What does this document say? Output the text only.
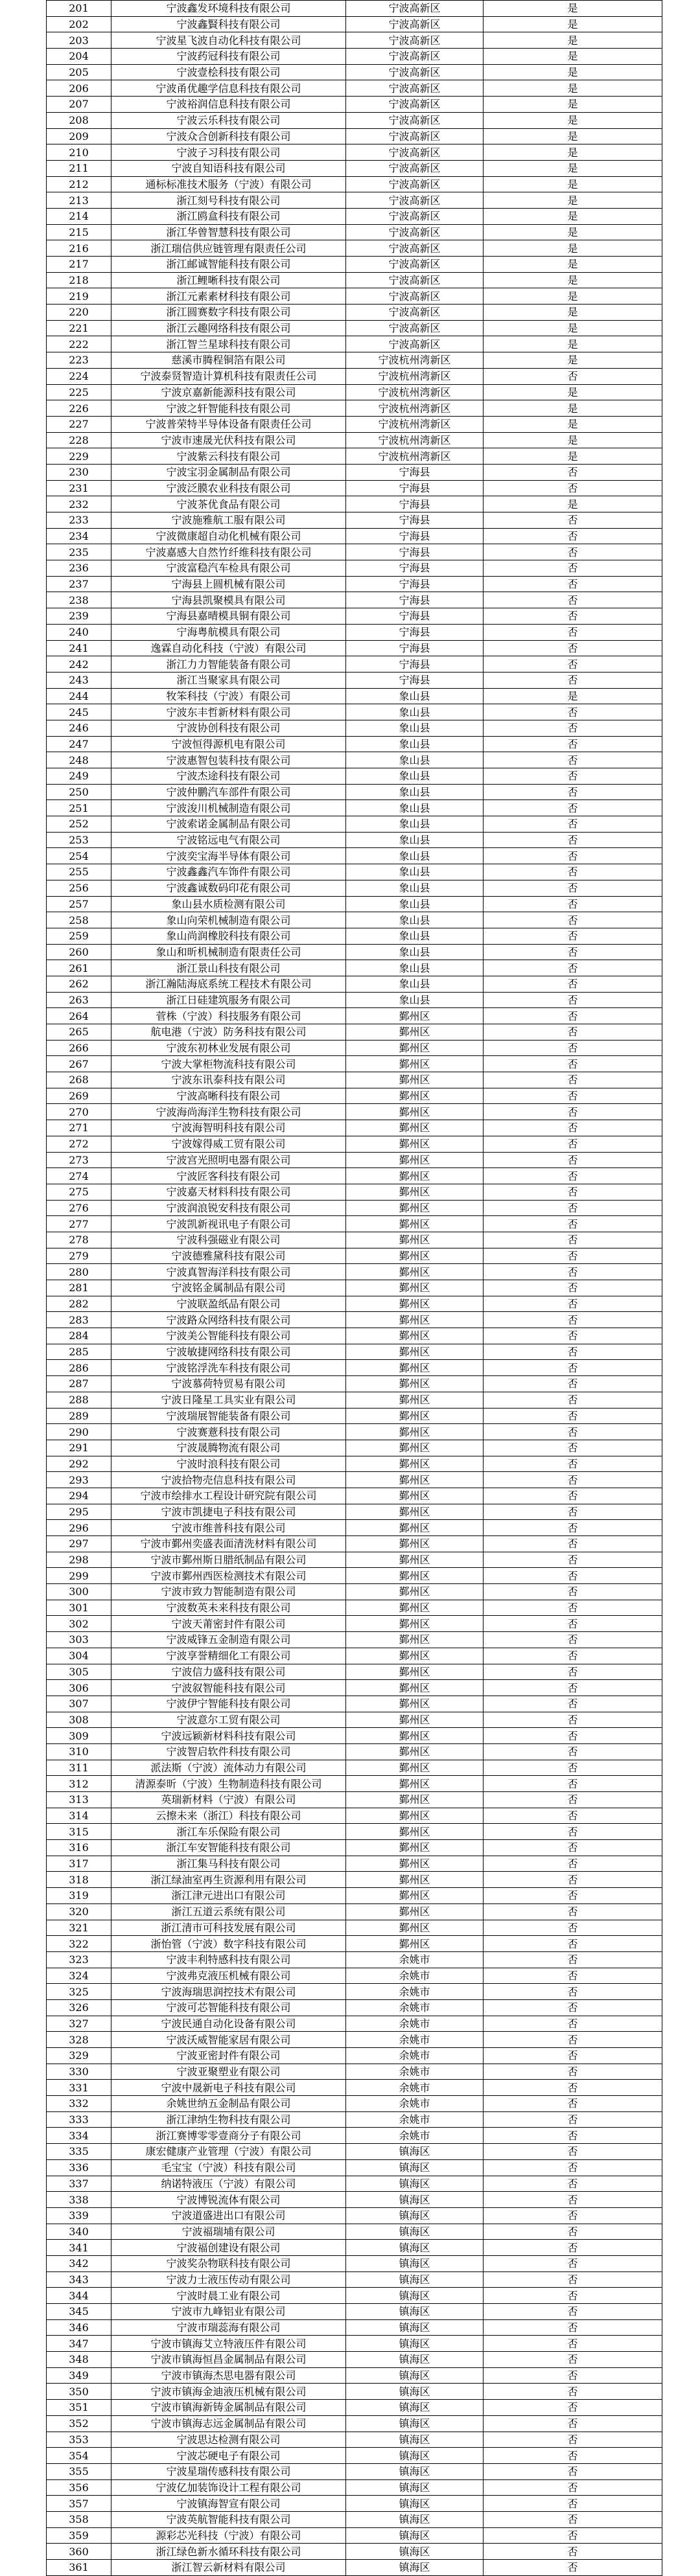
201	宁波鑫发环境科技有限公司	宁波高新区	是
202	宁波鑫賢科技有限公司	宁波高新区	是
203	宁波星飞波自动化科技有限公司	宁波高新区	是
204	宁波药冠科技有限公司	宁波高新区	是
205	宁波壹桧科技有限公司	宁波高新区	是
206	宁波甬优趣学信息科技有限公司	宁波高新区	是
207	宁波裕润信息科技有限公司	宁波高新区	是
208	宁波云乐科技有限公司	宁波高新区	是
209	宁波众合创新科技有限公司	宁波高新区	是
210	宁波子习科技有限公司	宁波高新区	是
211	宁波自知语科技有限公司	宁波高新区	是
212	通标标准技术服务（宁波）有限公司	宁波高新区	是
213	浙江刻号科技有限公司	宁波高新区	是
214	浙江鸥盒科技有限公司	宁波高新区	是
215	浙江华曾智慧科技有限公司	宁波高新区	是
216	浙江瑞信供应链管理有限责任公司	宁波高新区	是
217	浙江邮诚智能科技有限公司	宁波高新区	是
218	浙江鲤晰科技有限公司	宁波高新区	是
219	浙江元素素材科技有限公司	宁波高新区	是
220	浙江圆赛数字科技有限公司	宁波高新区	是
221	浙江云趣网络科技有限公司	宁波高新区	是
222	浙江智兰星球科技有限公司	宁波高新区	是
223	慈溪市腾程铜箔有限公司	宁波杭州湾新区	是
224	宁波泰贤智造计算机科技有限责任公司	宁波杭州湾新区	否
225	宁波京嘉新能源科技有限公司	宁波杭州湾新区	是
226	宁波之轩智能科技有限公司	宁波杭州湾新区	是
227	宁波普荣特半导体设备有限责任公司	宁波杭州湾新区	是
228	宁波市速晟光伏科技有限公司	宁波杭州湾新区	是
229	宁波紫云科技有限公司	宁波杭州湾新区	是
230	宁波宝羽金属制品有限公司	宁海县	否
231	宁波泛膜农业科技有限公司	宁海县	否
232	宁波茶优食品有限公司	宁海县	是
233	宁波施雅航工服有限公司	宁海县	否
234	宁波微康超自动化机械有限公司	宁海县	否
235	宁波嘉感大自然竹纤维科技有限公司	宁海县	否
236	宁波富稳汽车检具有限公司	宁海县	否
237	宁海县上圆机械有限公司	宁海县	否
238	宁海县凯聚模具有限公司	宁海县	否
239	宁海县嘉晴模具铜有限公司	宁海县	否
240	宁海粤航模具有限公司	宁海县	否
241	逸霖自动化科技（宁波）有限公司	宁海县	否
242	浙江力力智能装备有限公司	宁海县	否
243	浙江当聚家具有限公司	宁海县	否
244	牧笨科技（宁波）有限公司	象山县	是
245	宁波东丰哲新材料有限公司	象山县	否
246	宁波协创科技有限公司	象山县	否
247	宁波恒得源机电有限公司	象山县	否
248	宁波惠智包装科技有限公司	象山县	否
249	宁波杰途科技有限公司	象山县	否
250	宁波仲鹏汽车部件有限公司	象山县	否
251	宁波浚川机械制造有限公司	象山县	否
252	宁波索诺金属制品有限公司	象山县	否
253	宁波铭远电气有限公司	象山县	否
254	宁波奕宝海半导体有限公司	象山县	否
255	宁波鑫鑫汽车饰件有限公司	象山县	否
256	宁波鑫诚数码印花有限公司	象山县	否
257	象山县水质检测有限公司	象山县	否
258	象山向荣机械制造有限公司	象山县	否
259	象山尚润橡胶科技有限公司	象山县	否
260	象山和昕机械制造有限责任公司	象山县	否
261	浙江景山科技有限公司	象山县	否
262	浙江瀚陆海底系统工程技术有限公司	象山县	否
263	浙江日硅建筑服务有限公司	象山县	否
264	菅株（宁波）科技服务有限公司	鄞州区	否
265	航电港（宁波）防务科技有限公司	鄞州区	否
266	宁波东初林业发展有限公司	鄞州区	否
267	宁波大掌柜物流科技有限公司	鄞州区	否
268	宁波东讯泰科技有限公司	鄞州区	否
269	宁波高晰科技有限公司	鄞州区	否
270	宁波海尚海洋生物科技有限公司	鄞州区	否
271	宁波海智明科技有限公司	鄞州区	否
272	宁波嫁得威工贸有限公司	鄞州区	否
273	宁波宫光照明电器有限公司	鄞州区	否
274	宁波匠客科技有限公司	鄞州区	否
275	宁波嘉天材料科技有限公司	鄞州区	否
276	宁波润浪锐安科技有限公司	鄞州区	否
277	宁波凯新视讯电子有限公司	鄞州区	否
278	宁波科强磁业有限公司	鄞州区	否
279	宁波德雅黛科技有限公司	鄞州区	否
280	宁波真智海洋科技有限公司	鄞州区	否
281	宁波铭金属制品有限公司	鄞州区	否
282	宁波联盈纸品有限公司	鄞州区	否
283	宁波路众网络科技有限公司	鄞州区	否
284	宁波美公智能科技有限公司	鄞州区	否
285	宁波敏捷网络科技有限公司	鄞州区	否
286	宁波铭浮洗车科技有限公司	鄞州区	否
287	宁波慕荷特贸易有限公司	鄞州区	否
288	宁波日隆星工具实业有限公司	鄞州区	否
289	宁波瑞展智能装备有限公司	鄞州区	否
290	宁波赛薏科技有限公司	鄞州区	否
291	宁波晟腾物流有限公司	鄞州区	否
292	宁波时浪科技有限公司	鄞州区	否
293	宁波拾物売信息科技有限公司	鄞州区	否
294	宁波市绘排水工程设计研究院有限公司	鄞州区	否
295	宁波市凯捷电子科技有限公司	鄞州区	否
296	宁波市维普科技有限公司	鄞州区	否
297	宁波市鄞州奕盛表面清洗材料有限公司	鄞州区	否
298	宁波市鄞州斯日腊纸制品有限公司	鄞州区	否
299	宁波市鄞州西医检测技术有限公司	鄞州区	否
300	宁波市致力智能制造有限公司	鄞州区	否
301	宁波数英未来科技有限公司	鄞州区	否
302	宁波天莆密封件有限公司	鄞州区	否
303	宁波威锋五金制造有限公司	鄞州区	否
304	宁波享誉精细化工有限公司	鄞州区	否
305	宁波信力盛科技有限公司	鄞州区	否
306	宁波叙智能科技有限公司	鄞州区	否
307	宁波伊宁智能科技有限公司	鄞州区	否
308	宁波意尔工贸有限公司	鄞州区	否
309	宁波远颖新材料科技有限公司	鄞州区	否
310	宁波智启软件科技有限公司	鄞州区	否
311	派法斯（宁波）流体动力有限公司	鄞州区	否
312	清源泰昕（宁波）生物制造科技有限公司	鄞州区	否
313	英瑞新材料（宁波）有限公司	鄞州区	否
314	云擦未来（浙江）科技有限公司	鄞州区	否
315	浙江车乐保险有限公司	鄞州区	否
316	浙江车安智能科技有限公司	鄞州区	否
317	浙江集马科技有限公司	鄞州区	否
318	浙江绿油室再生资源利用有限公司	鄞州区	否
319	浙江津元进出口有限公司	鄞州区	否
320	浙江五道云系统有限公司	鄞州区	否
321	浙江清市可科技发展有限公司	鄞州区	否
322	浙怡管（宁波）数字科技有限公司	鄞州区	否
323	宁波丰利特感科技有限公司	余姚市	否
324	宁波弗克液压机械有限公司	余姚市	否
325	宁波海瑞思润控技术有限公司	余姚市	否
326	宁波可芯智能科技有限公司	余姚市	否
327	宁波民通自动化设备有限公司	余姚市	否
328	宁波沃威智能家居有限公司	余姚市	否
329	宁波亚密封件有限公司	余姚市	否
330	宁波亚聚塑业有限公司	余姚市	否
331	宁波中晟新电子科技有限公司	余姚市	否
332	余姚世纳五金制品有限公司	余姚市	否
333	浙江津纳生物科技有限公司	余姚市	否
334	浙江赛博零零壹商分子有限公司	余姚市	否
335	康宏健康产业管理（宁波）有限公司	镇海区	否
336	毛宝宝（宁波）科技有限公司	镇海区	否
337	纳诺特液压（宁波）有限公司	镇海区	否
338	宁波博锐流体有限公司	镇海区	否
339	宁波道盛进出口有限公司	镇海区	否
340	宁波福瑞埔有限公司	镇海区	否
341	宁波福创建设有限公司	镇海区	否
342	宁波奖杂物联科技有限公司	镇海区	否
343	宁波力士液压传动有限公司	镇海区	否
344	宁波时晨工业有限公司	镇海区	否
345	宁波市九峰铝业有限公司	镇海区	否
346	宁波市瑞蕊海有限公司	镇海区	否
347	宁波市镇海艾立特液压件有限公司	镇海区	否
348	宁波市镇海恒昌金属制品有限公司	镇海区	否
349	宁波市镇海杰思电器有限公司	镇海区	否
350	宁波市镇海金迪液压机械有限公司	镇海区	否
351	宁波市镇海新铸金属制品有限公司	镇海区	否
352	宁波市镇海志远金属制品有限公司	镇海区	否
353	宁波思达检测有限公司	镇海区	否
354	宁波芯硬电子有限公司	镇海区	否
355	宁波星瑞传感科技有限公司	镇海区	否
356	宁波亿加装饰设计工程有限公司	镇海区	否
357	宁波镇海智宣有限公司	镇海区	否
358	宁波英航智能科技有限公司	镇海区	否
359	源彩芯光科技（宁波）有限公司	镇海区	否
360	浙江绿色新水循环科技有限公司	镇海区	否
361	浙江智云新材料有限公司	镇海区	否
